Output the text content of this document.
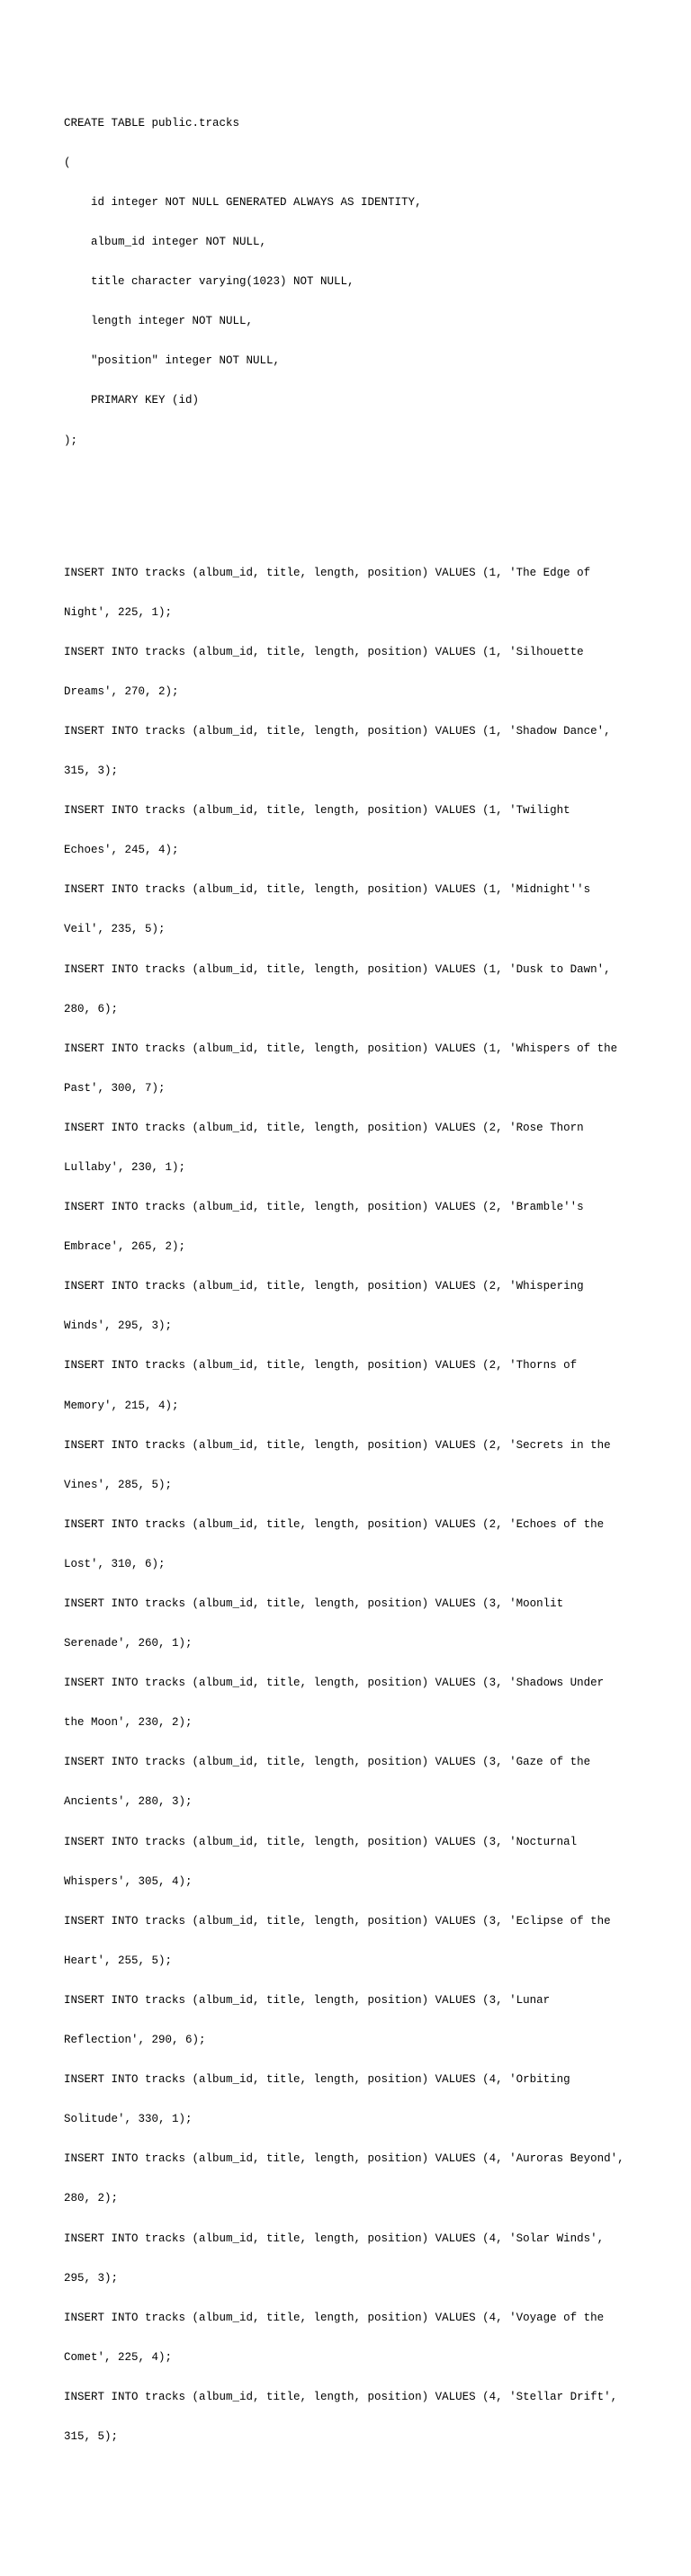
CREATE TABLE public.tracks

(

id integer NOT NULL GENERATED ALWAYS AS IDENTITY,

album_id integer NOT NULL,

title character varying(1023) NOT NULL,

length integer NOT NULL,

"position" integer NOT NULL,

PRIMARY KEY (id)

);

INSERT INTO tracks (album_id, title, length, position) VALUES (1, 'The Edge of

Night', 225, 1);

INSERT INTO tracks (album_id, title, length, position) VALUES (1, 'Silhouette

Dreams', 270, 2);

INSERT INTO tracks (album_id, title, length, position) VALUES (1, 'Shadow Dance',

315, 3);

INSERT INTO tracks (album_id, title, length, position) VALUES (1, 'Twilight

Echoes', 245, 4);

INSERT INTO tracks (album_id, title, length, position) VALUES (1, 'Midnight''s

Veil', 235, 5);

INSERT INTO tracks (album_id, title, length, position) VALUES (1, 'Dusk to Dawn',

280, 6);

INSERT INTO tracks (album_id, title, length, position) VALUES (1, 'Whispers of the

Past', 300, 7);

INSERT INTO tracks (album_id, title, length, position) VALUES (2, 'Rose Thorn

Lullaby', 230, 1);

INSERT INTO tracks (album_id, title, length, position) VALUES (2, 'Bramble''s

Embrace', 265, 2);

INSERT INTO tracks (album_id, title, length, position) VALUES (2, 'Whispering

Winds', 295, 3);

INSERT INTO tracks (album_id, title, length, position) VALUES (2, 'Thorns of

Memory', 215, 4);

INSERT INTO tracks (album_id, title, length, position) VALUES (2, 'Secrets in the

Vines', 285, 5);

INSERT INTO tracks (album_id, title, length, position) VALUES (2, 'Echoes of the

Lost', 310, 6);

INSERT INTO tracks (album_id, title, length, position) VALUES (3, 'Moonlit

Serenade', 260, 1);

INSERT INTO tracks (album_id, title, length, position) VALUES (3, 'Shadows Under

the Moon', 230, 2);

INSERT INTO tracks (album_id, title, length, position) VALUES (3, 'Gaze of the

Ancients', 280, 3);

INSERT INTO tracks (album_id, title, length, position) VALUES (3, 'Nocturnal

Whispers', 305, 4);

INSERT INTO tracks (album_id, title, length, position) VALUES (3, 'Eclipse of the

Heart', 255, 5);

INSERT INTO tracks (album_id, title, length, position) VALUES (3, 'Lunar

Reflection', 290, 6);

INSERT INTO tracks (album_id, title, length, position) VALUES (4, 'Orbiting

Solitude', 330, 1);

INSERT INTO tracks (album_id, title, length, position) VALUES (4, 'Auroras Beyond',

280, 2);

INSERT INTO tracks (album_id, title, length, position) VALUES (4, 'Solar Winds',

295, 3);

INSERT INTO tracks (album_id, title, length, position) VALUES (4, 'Voyage of the

Comet', 225, 4);

INSERT INTO tracks (album_id, title, length, position) VALUES (4, 'Stellar Drift',

315, 5);
